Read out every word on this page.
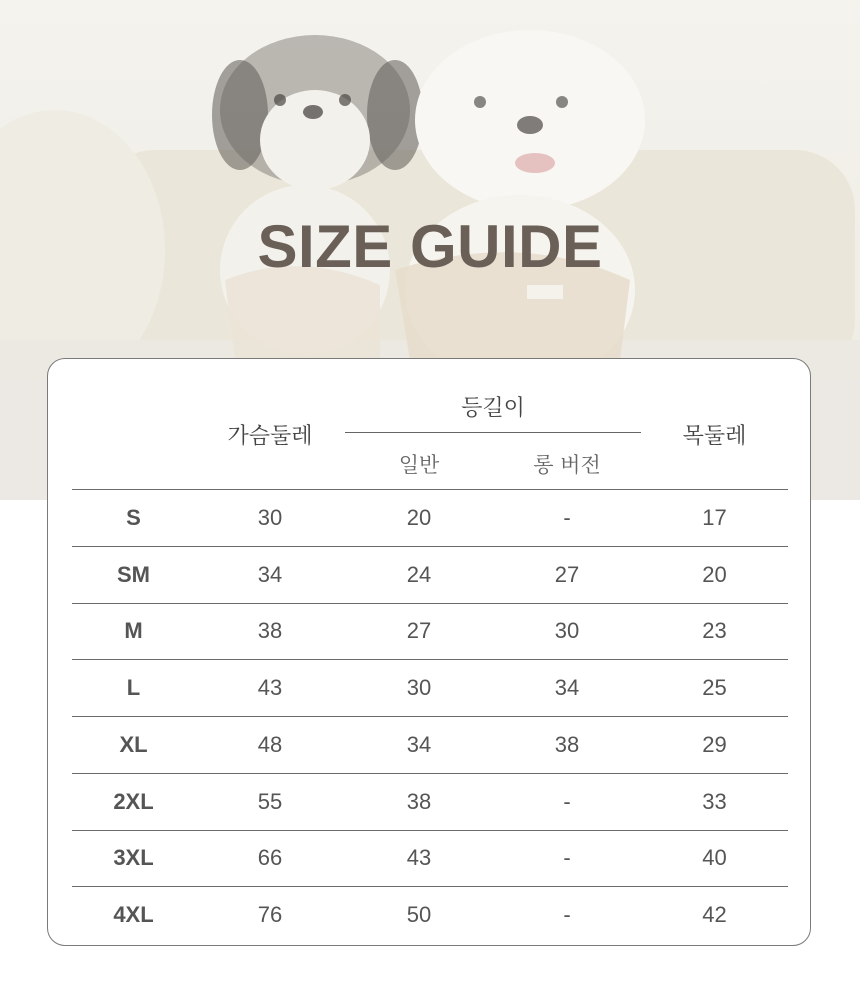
SIZE GUIDE
가슴둘레
등길이
일반	롱 버전
목둘레
S	30	20	-	17
SM	34	24	27	20
M	38	27	30	23
L	43	30	34	25
XL	48	34	38	29
2XL	55	38	-	33
3XL	66	43	-	40
4XL	76	50	-	42
